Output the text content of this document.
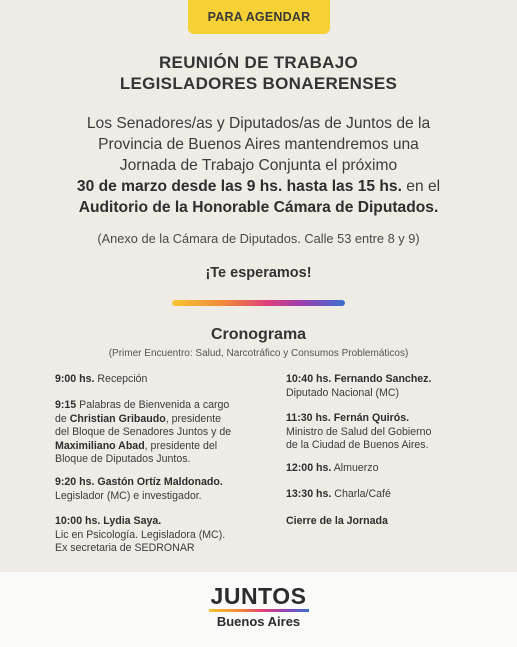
PARA AGENDAR
REUNIÓN DE TRABAJO
LEGISLADORES BONAERENSES
Los Senadores/as y Diputados/as de Juntos de la
Provincia de Buenos Aires mantendremos una
Jornada de Trabajo Conjunta el próximo
30 de marzo desde las 9 hs. hasta las 15 hs. en el
Auditorio de la Honorable Cámara de Diputados.
(Anexo de la Cámara de Diputados. Calle 53 entre 8 y 9)
¡Te esperamos!
Cronograma
(Primer Encuentro: Salud, Narcotráfico y Consumos Problemáticos)
9:00 hs. Recepción
9:15 Palabras de Bienvenida a cargo
de Christian Gribaudo, presidente
del Bloque de Senadores Juntos y de
Maximiliano Abad, presidente del
Bloque de Diputados Juntos.
9:20 hs. Gastón Ortíz Maldonado.
Legislador (MC) e investigador.
10:00 hs. Lydia Saya.
Lic en Psicología. Legisladora (MC).
Ex secretaria de SEDRONAR
10:40 hs. Fernando Sanchez.
Diputado Nacional (MC)
11:30 hs. Fernán Quirós.
Ministro de Salud del Gobierno
de la Ciudad de Buenos Aires.
12:00 hs. Almuerzo
13:30 hs. Charla/Café
Cierre de la Jornada
JUNTOS
Buenos Aires
